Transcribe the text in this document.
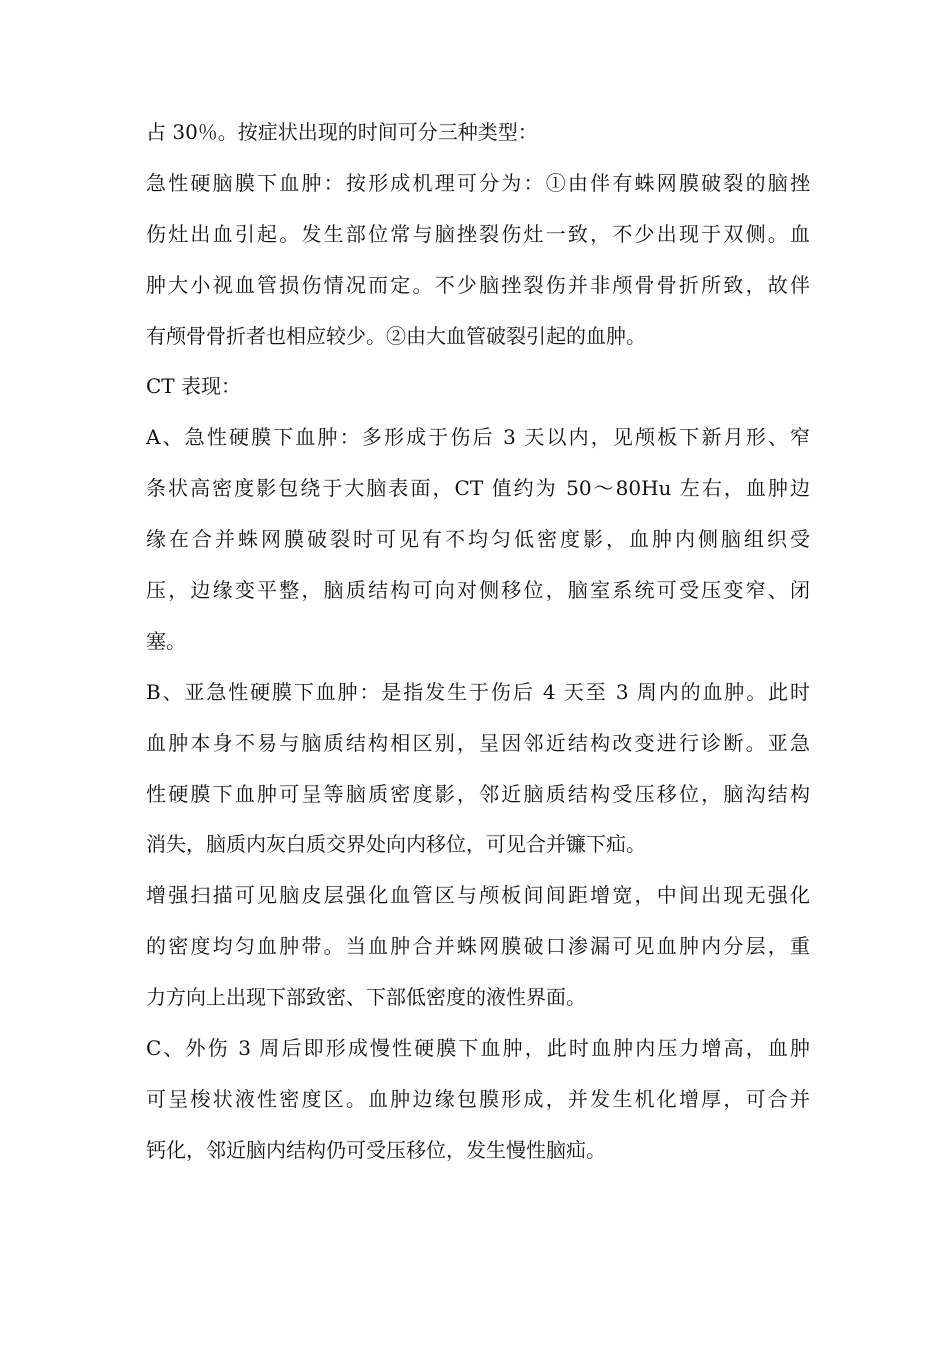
占 30％。按症状出现的时间可分三种类型：
急性硬脑膜下血肿：按形成机理可分为：①由伴有蛛网膜破裂的脑挫
伤灶出血引起。发生部位常与脑挫裂伤灶一致，不少出现于双侧。血
肿大小视血管损伤情况而定。不少脑挫裂伤并非颅骨骨折所致，故伴
有颅骨骨折者也相应较少。②由大血管破裂引起的血肿。
CT 表现：
A、急性硬膜下血肿：多形成于伤后 3 天以内，见颅板下新月形、窄
条状高密度影包绕于大脑表面，CT 值约为 50～80Hu 左右，血肿边
缘在合并蛛网膜破裂时可见有不均匀低密度影，血肿内侧脑组织受
压，边缘变平整，脑质结构可向对侧移位，脑室系统可受压变窄、闭
塞。
B、亚急性硬膜下血肿：是指发生于伤后 4 天至 3 周内的血肿。此时
血肿本身不易与脑质结构相区别，呈因邻近结构改变进行诊断。亚急
性硬膜下血肿可呈等脑质密度影，邻近脑质结构受压移位，脑沟结构
消失，脑质内灰白质交界处向内移位，可见合并镰下疝。
增强扫描可见脑皮层强化血管区与颅板间间距增宽，中间出现无强化
的密度均匀血肿带。当血肿合并蛛网膜破口渗漏可见血肿内分层，重
力方向上出现下部致密、下部低密度的液性界面。
C、外伤 3 周后即形成慢性硬膜下血肿，此时血肿内压力增高，血肿
可呈梭状液性密度区。血肿边缘包膜形成，并发生机化增厚，可合并
钙化，邻近脑内结构仍可受压移位，发生慢性脑疝。
